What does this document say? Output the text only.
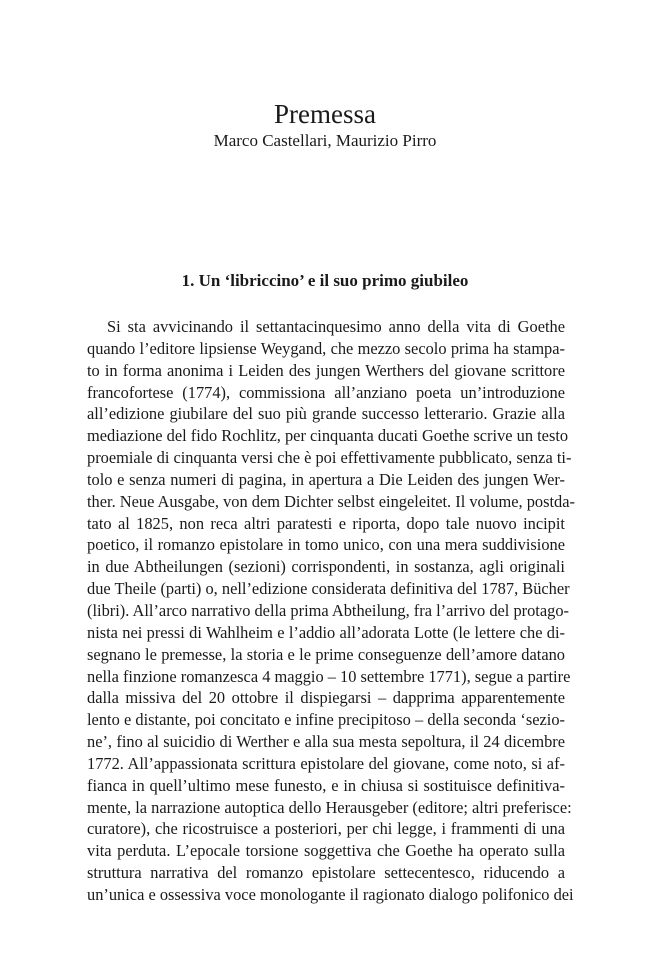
Premessa
Marco Castellari, Maurizio Pirro
1. Un ‘libriccino’ e il suo primo giubileo
Si sta avvicinando il settantacinquesimo anno della vita di Goethe
quando l’editore lipsiense Weygand, che mezzo secolo prima ha stampa-
to in forma anonima i Leiden des jungen Werthers del giovane scrittore
francofortese (1774), commissiona all’anziano poeta un’introduzione
all’edizione giubilare del suo più grande successo letterario. Grazie alla
mediazione del fido Rochlitz, per cinquanta ducati Goethe scrive un testo
proemiale di cinquanta versi che è poi effettivamente pubblicato, senza ti-
tolo e senza numeri di pagina, in apertura a Die Leiden des jungen Wer-
ther. Neue Ausgabe, von dem Dichter selbst eingeleitet. Il volume, postda-
tato al 1825, non reca altri paratesti e riporta, dopo tale nuovo incipit
poetico, il romanzo epistolare in tomo unico, con una mera suddivisione
in due Abtheilungen (sezioni) corrispondenti, in sostanza, agli originali
due Theile (parti) o, nell’edizione considerata definitiva del 1787, Bücher
(libri). All’arco narrativo della prima Abtheilung, fra l’arrivo del protago-
nista nei pressi di Wahlheim e l’addio all’adorata Lotte (le lettere che di-
segnano le premesse, la storia e le prime conseguenze dell’amore datano
nella finzione romanzesca 4 maggio – 10 settembre 1771), segue a partire
dalla missiva del 20 ottobre il dispiegarsi – dapprima apparentemente
lento e distante, poi concitato e infine precipitoso – della seconda ‘sezio-
ne’, fino al suicidio di Werther e alla sua mesta sepoltura, il 24 dicembre
1772. All’appassionata scrittura epistolare del giovane, come noto, si af-
fianca in quell’ultimo mese funesto, e in chiusa si sostituisce definitiva-
mente, la narrazione autoptica dello Herausgeber (editore; altri preferisce:
curatore), che ricostruisce a posteriori, per chi legge, i frammenti di una
vita perduta. L’epocale torsione soggettiva che Goethe ha operato sulla
struttura narrativa del romanzo epistolare settecentesco, riducendo a
un’unica e ossessiva voce monologante il ragionato dialogo polifonico dei
